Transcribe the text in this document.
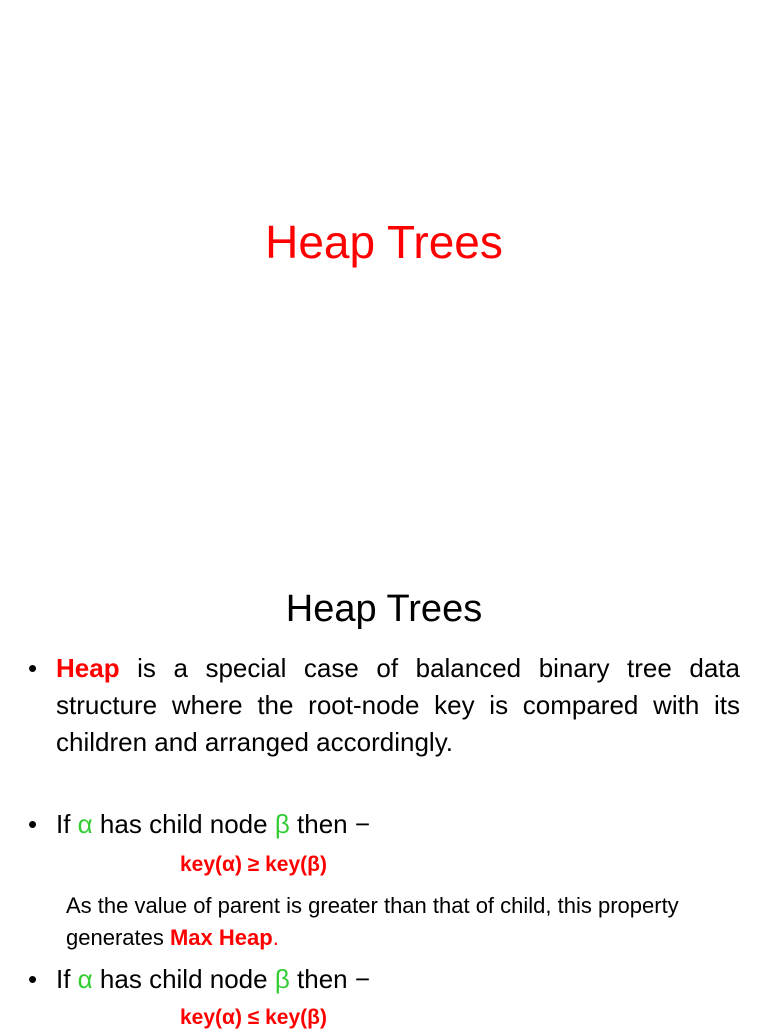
Heap Trees
Heap Trees
• Heap is a special case of balanced binary tree data structure where the root-node key is compared with its children and arranged accordingly.
• If α has child node β then −
key(α) ≥ key(β)
As the value of parent is greater than that of child, this property generates Max Heap.
• If α has child node β then −
key(α) ≤ key(β)
